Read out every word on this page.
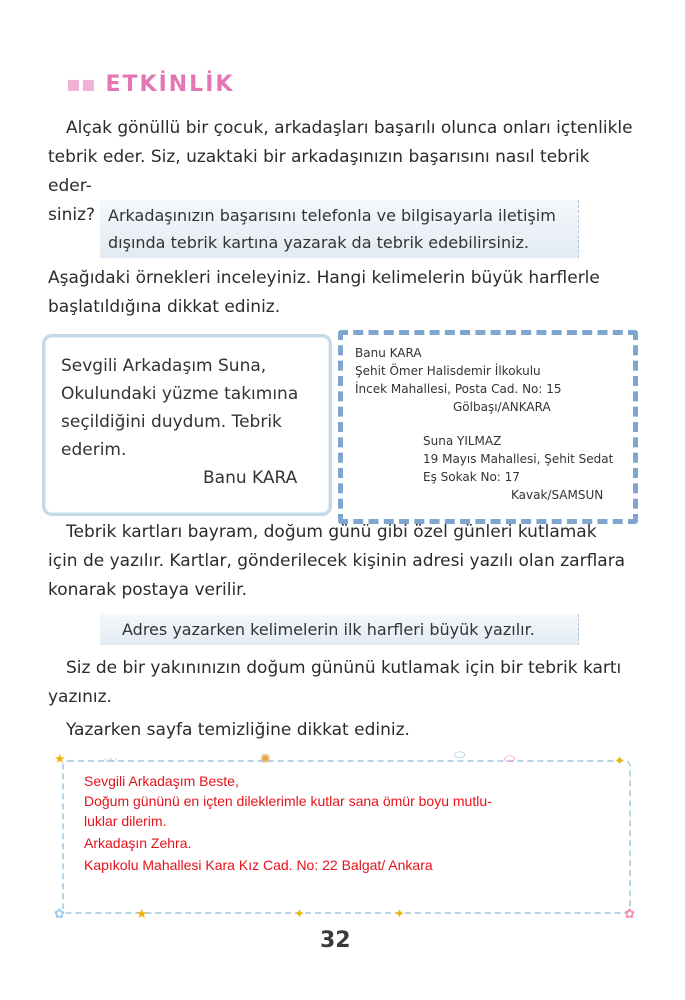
▪▪ ETKİNLİK

Alçak gönüllü bir çocuk, arkadaşları başarılı olunca onları içtenlikle

tebrik eder. Siz, uzaktaki bir arkadaşınızın başarısını nasıl tebrik eder-

siniz? Arkadaşınızın başarısını telefonla ve bilgisayarla iletişim
dışında tebrik kartına yazarak da tebrik edebilirsiniz.

Aşağıdaki örnekleri inceleyiniz. Hangi kelimelerin büyük harflerle

başlatıldığına dikkat ediniz.

Sevgili Arkadaşım Suna,
Okulundaki yüzme takımına
seçildiğini duydum. Tebrik
ederim.
Banu KARA
Banu KARA
Şehit Ömer Halisdemir İlkokulu
İncek Mahallesi, Posta Cad. No: 15
Gölbaşı/ANKARA
Suna YILMAZ
19 Mayıs Mahallesi, Şehit Sedat
Eş Sokak No: 17
Kavak/SAMSUN

Tebrik kartları bayram, doğum günü gibi özel günleri kutlamak

için de yazılır. Kartlar, gönderilecek kişinin adresi yazılı olan zarflara

konarak postaya verilir.

Adres yazarken kelimelerin ilk harfleri büyük yazılır.

Siz de bir yakınınızın doğum gününü kutlamak için bir tebrik kartı

yazınız.

Yazarken sayfa temizliğine dikkat ediniz.

★	〰	✺	⬭	⬭	✦
✿	★	✦	✦	✿
Sevgili Arkadaşım Beste,
Doğum gününü en içten dileklerimle kutlar sana ömür boyu mutlu-
luklar dilerim.
Arkadaşın Zehra.
Kapıkolu Mahallesi Kara Kız Cad. No: 22 Balgat/ Ankara
32
